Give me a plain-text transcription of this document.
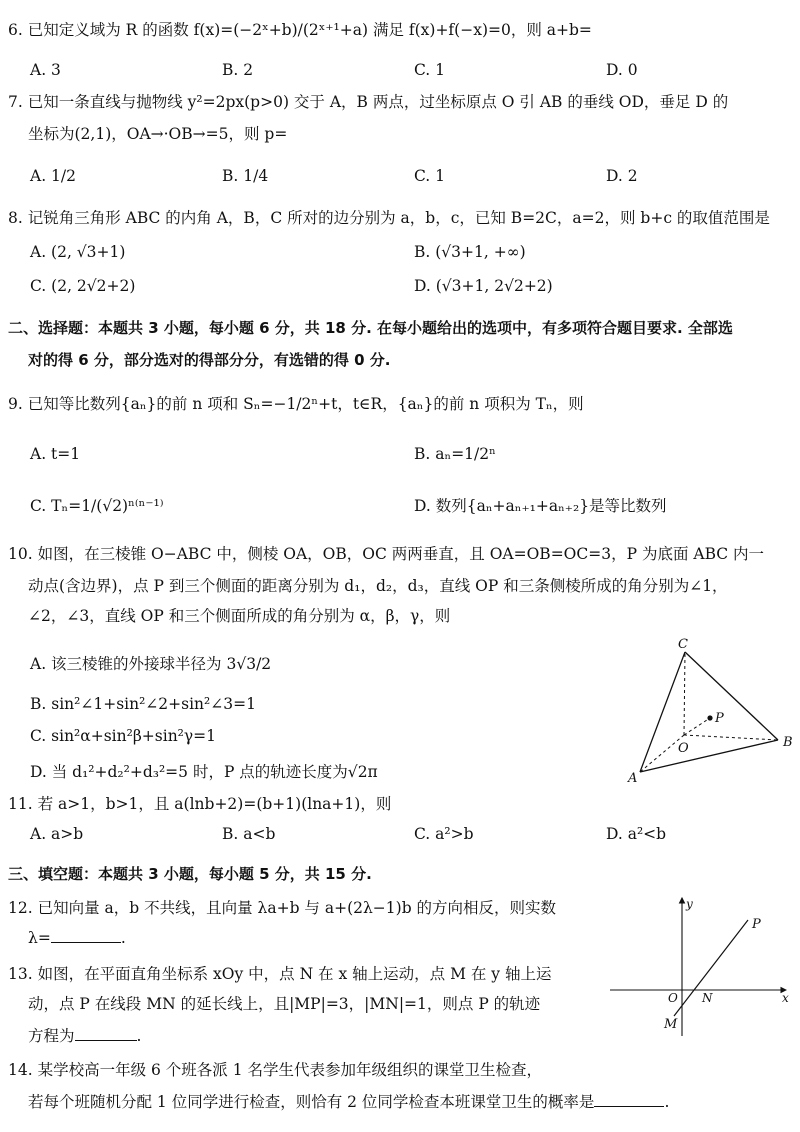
6. 已知定义域为 R 的函数 f(x)=(−2ˣ+b)/(2ˣ⁺¹+a) 满足 f(x)+f(−x)=0，则 a+b=
A. 3	B. 2	C. 1	D. 0
7. 已知一条直线与抛物线 y²=2px(p>0) 交于 A，B 两点，过坐标原点 O 引 AB 的垂线 OD，垂足 D 的
坐标为(2,1)，OA→·OB→=5，则 p=
A. 1/2	B. 1/4	C. 1	D. 2
8. 记锐角三角形 ABC 的内角 A，B，C 所对的边分别为 a，b，c，已知 B=2C，a=2，则 b+c 的取值范围是
A. (2, √3+1)	B. (√3+1, +∞)
C. (2, 2√2+2)	D. (√3+1, 2√2+2)
二、选择题：本题共 3 小题，每小题 6 分，共 18 分. 在每小题给出的选项中，有多项符合题目要求. 全部选
对的得 6 分，部分选对的得部分分，有选错的得 0 分.
9. 已知等比数列{aₙ}的前 n 项和 Sₙ=−1/2ⁿ+t，t∈R，{aₙ}的前 n 项积为 Tₙ，则
A. t=1	B. aₙ=1/2ⁿ
C. Tₙ=1/(√2)ⁿ⁽ⁿ⁻¹⁾	D. 数列{aₙ+aₙ₊₁+aₙ₊₂}是等比数列
10. 如图，在三棱锥 O−ABC 中，侧棱 OA，OB，OC 两两垂直，且 OA=OB=OC=3，P 为底面 ABC 内一
动点(含边界)，点 P 到三个侧面的距离分别为 d₁，d₂，d₃，直线 OP 和三条侧棱所成的角分别为∠1，
∠2，∠3，直线 OP 和三个侧面所成的角分别为 α，β，γ，则
A. 该三棱锥的外接球半径为 3√3/2
B. sin²∠1+sin²∠2+sin²∠3=1
C. sin²α+sin²β+sin²γ=1
D. 当 d₁²+d₂²+d₃²=5 时，P 点的轨迹长度为√2π
C
P
O	B
A
11. 若 a>1，b>1，且 a(lnb+2)=(b+1)(lna+1)，则
A. a>b	B. a<b	C. a²>b	D. a²<b
三、填空题：本题共 3 小题，每小题 5 分，共 15 分.
12. 已知向量 a，b 不共线，且向量 λa+b 与 a+(2λ−1)b 的方向相反，则实数
λ=	.
13. 如图，在平面直角坐标系 xOy 中，点 N 在 x 轴上运动，点 M 在 y 轴上运
动，点 P 在线段 MN 的延长线上，且|MP|=3，|MN|=1，则点 P 的轨迹
方程为	.
y
P
O N	x
M
14. 某学校高一年级 6 个班各派 1 名学生代表参加年级组织的课堂卫生检查，
若每个班随机分配 1 位同学进行检查，则恰有 2 位同学检查本班课堂卫生的概率是	.
